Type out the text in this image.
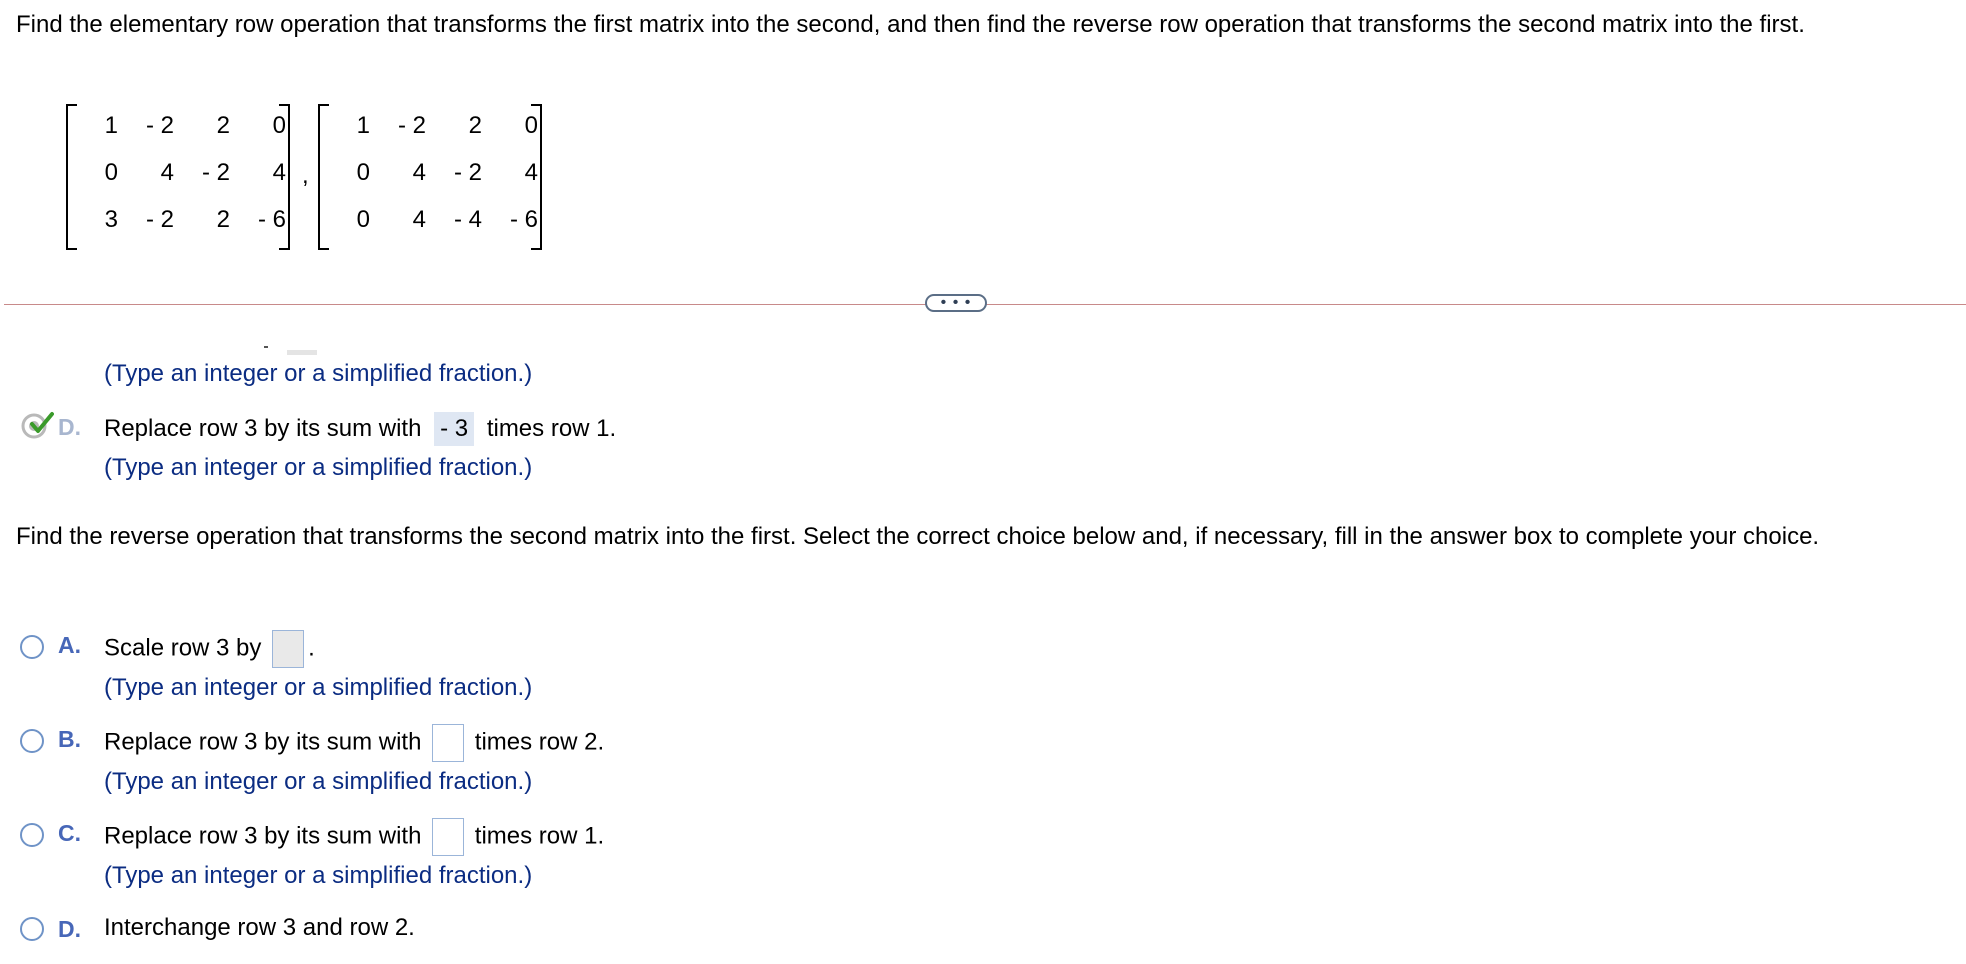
Find the elementary row operation that transforms the first matrix into the second, and then find the reverse row operation that transforms the second matrix into the first.
1	- 2	2	0
0	4	- 2	4
3	- 2	2	- 6
,
1	- 2	2	0
0	4	- 2	4
0	4	- 4	- 6
• • •
(Type an integer or a simplified fraction.)
D. Replace row 3 by its sum with - 3 times row 1.
(Type an integer or a simplified fraction.)
Find the reverse operation that transforms the second matrix into the first. Select the correct choice below and, if necessary, fill in the answer box to complete your choice.
A. Scale row 3 by .
(Type an integer or a simplified fraction.)
B. Replace row 3 by its sum with times row 2.
(Type an integer or a simplified fraction.)
C. Replace row 3 by its sum with times row 1.
(Type an integer or a simplified fraction.)
D. Interchange row 3 and row 2.
